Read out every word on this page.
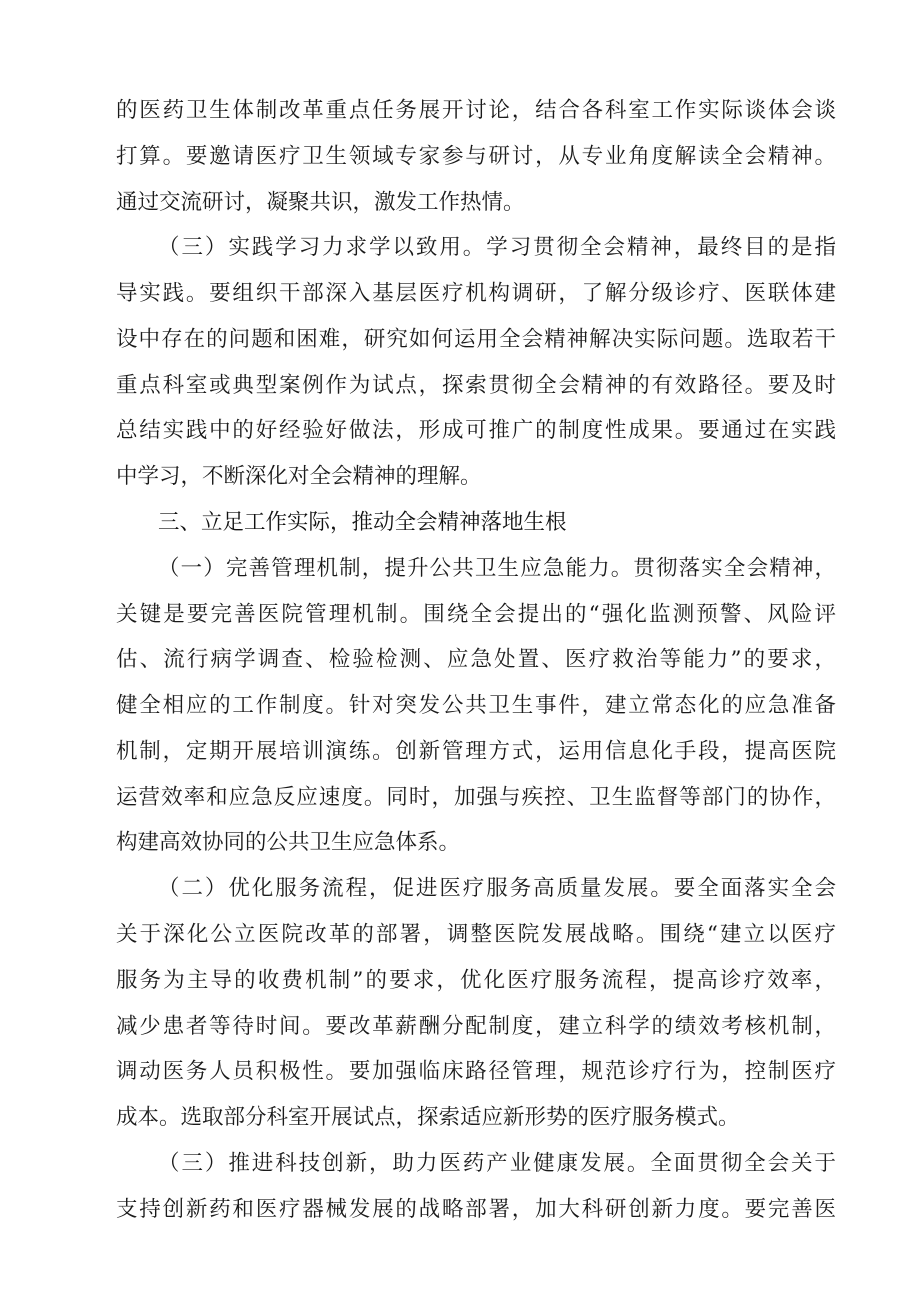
的医药卫生体制改革重点任务展开讨论，结合各科室工作实际谈体会谈
打算。要邀请医疗卫生领域专家参与研讨，从专业角度解读全会精神。
通过交流研讨，凝聚共识，激发工作热情。
（三）实践学习力求学以致用。学习贯彻全会精神，最终目的是指
导实践。要组织干部深入基层医疗机构调研，了解分级诊疗、医联体建
设中存在的问题和困难，研究如何运用全会精神解决实际问题。选取若干
重点科室或典型案例作为试点，探索贯彻全会精神的有效路径。要及时
总结实践中的好经验好做法，形成可推广的制度性成果。要通过在实践
中学习，不断深化对全会精神的理解。
三、立足工作实际，推动全会精神落地生根
（一）完善管理机制，提升公共卫生应急能力。贯彻落实全会精神，
关键是要完善医院管理机制。围绕全会提出的“强化监测预警、风险评
估、流行病学调查、检验检测、应急处置、医疗救治等能力”的要求，
健全相应的工作制度。针对突发公共卫生事件，建立常态化的应急准备
机制，定期开展培训演练。创新管理方式，运用信息化手段，提高医院
运营效率和应急反应速度。同时，加强与疾控、卫生监督等部门的协作，
构建高效协同的公共卫生应急体系。
（二）优化服务流程，促进医疗服务高质量发展。要全面落实全会
关于深化公立医院改革的部署，调整医院发展战略。围绕“建立以医疗
服务为主导的收费机制”的要求，优化医疗服务流程，提高诊疗效率，
减少患者等待时间。要改革薪酬分配制度，建立科学的绩效考核机制，
调动医务人员积极性。要加强临床路径管理，规范诊疗行为，控制医疗
成本。选取部分科室开展试点，探索适应新形势的医疗服务模式。
（三）推进科技创新，助力医药产业健康发展。全面贯彻全会关于
支持创新药和医疗器械发展的战略部署，加大科研创新力度。要完善医
